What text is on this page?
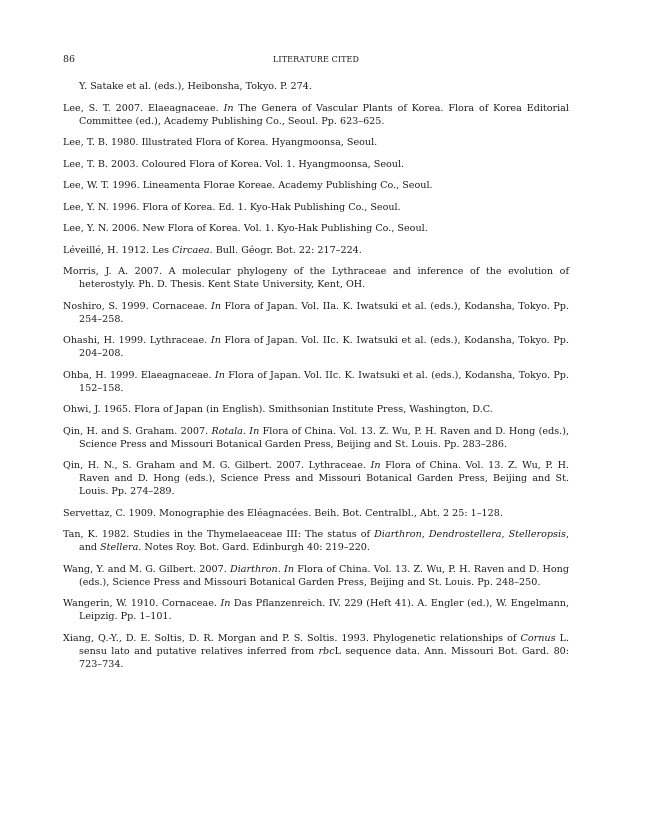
86	LITERATURE CITED

Y. Satake et al. (eds.), Heibonsha, Tokyo. P. 274.

Lee, S. T. 2007. Elaeagnaceae. In The Genera of Vascular Plants of Korea. Flora of Korea Editorial Committee (ed.), Academy Publishing Co., Seoul. Pp. 623–625.

Lee, T. B. 1980. Illustrated Flora of Korea. Hyangmoonsa, Seoul.

Lee, T. B. 2003. Coloured Flora of Korea. Vol. 1. Hyangmoonsa, Seoul.

Lee, W. T. 1996. Lineamenta Florae Koreae. Academy Publishing Co., Seoul.

Lee, Y. N. 1996. Flora of Korea. Ed. 1. Kyo-Hak Publishing Co., Seoul.

Lee, Y. N. 2006. New Flora of Korea. Vol. 1. Kyo-Hak Publishing Co., Seoul.

Léveillé, H. 1912. Les Circaea. Bull. Géogr. Bot. 22: 217–224.

Morris, J. A. 2007. A molecular phylogeny of the Lythraceae and inference of the evolution of heterostyly. Ph. D. Thesis. Kent State University, Kent, OH.

Noshiro, S. 1999. Cornaceae. In Flora of Japan. Vol. IIa. K. Iwatsuki et al. (eds.), Kodansha, Tokyo. Pp. 254–258.

Ohashi, H. 1999. Lythraceae. In Flora of Japan. Vol. IIc. K. Iwatsuki et al. (eds.), Kodansha, Tokyo. Pp. 204–208.

Ohba, H. 1999. Elaeagnaceae. In Flora of Japan. Vol. IIc. K. Iwatsuki et al. (eds.), Kodansha, Tokyo. Pp. 152–158.

Ohwi, J. 1965. Flora of Japan (in English). Smithsonian Institute Press, Washington, D.C.

Qin, H. and S. Graham. 2007. Rotala. In Flora of China. Vol. 13. Z. Wu, P. H. Raven and D. Hong (eds.), Science Press and Missouri Botanical Garden Press, Beijing and St. Louis. Pp. 283–286.

Qin, H. N., S. Graham and M. G. Gilbert. 2007. Lythraceae. In Flora of China. Vol. 13. Z. Wu, P. H. Raven and D. Hong (eds.), Science Press and Missouri Botanical Garden Press, Beijing and St. Louis. Pp. 274–289.

Servettaz, C. 1909. Monographie des Eléagnacées. Beih. Bot. Centralbl., Abt. 2 25: 1–128.

Tan, K. 1982. Studies in the Thymelaeaceae III: The status of Diarthron, Dendrostellera, Stelleropsis, and Stellera. Notes Roy. Bot. Gard. Edinburgh 40: 219–220.

Wang, Y. and M. G. Gilbert. 2007. Diarthron. In Flora of China. Vol. 13. Z. Wu, P. H. Raven and D. Hong (eds.), Science Press and Missouri Botanical Garden Press, Beijing and St. Louis. Pp. 248–250.

Wangerin, W. 1910. Cornaceae. In Das Pflanzenreich. IV. 229 (Heft 41). A. Engler (ed.), W. Engelmann, Leipzig. Pp. 1–101.

Xiang, Q.-Y., D. E. Soltis, D. R. Morgan and P. S. Soltis. 1993. Phylogenetic relationships of Cornus L. sensu lato and putative relatives inferred from rbcL sequence data. Ann. Missouri Bot. Gard. 80: 723–734.
